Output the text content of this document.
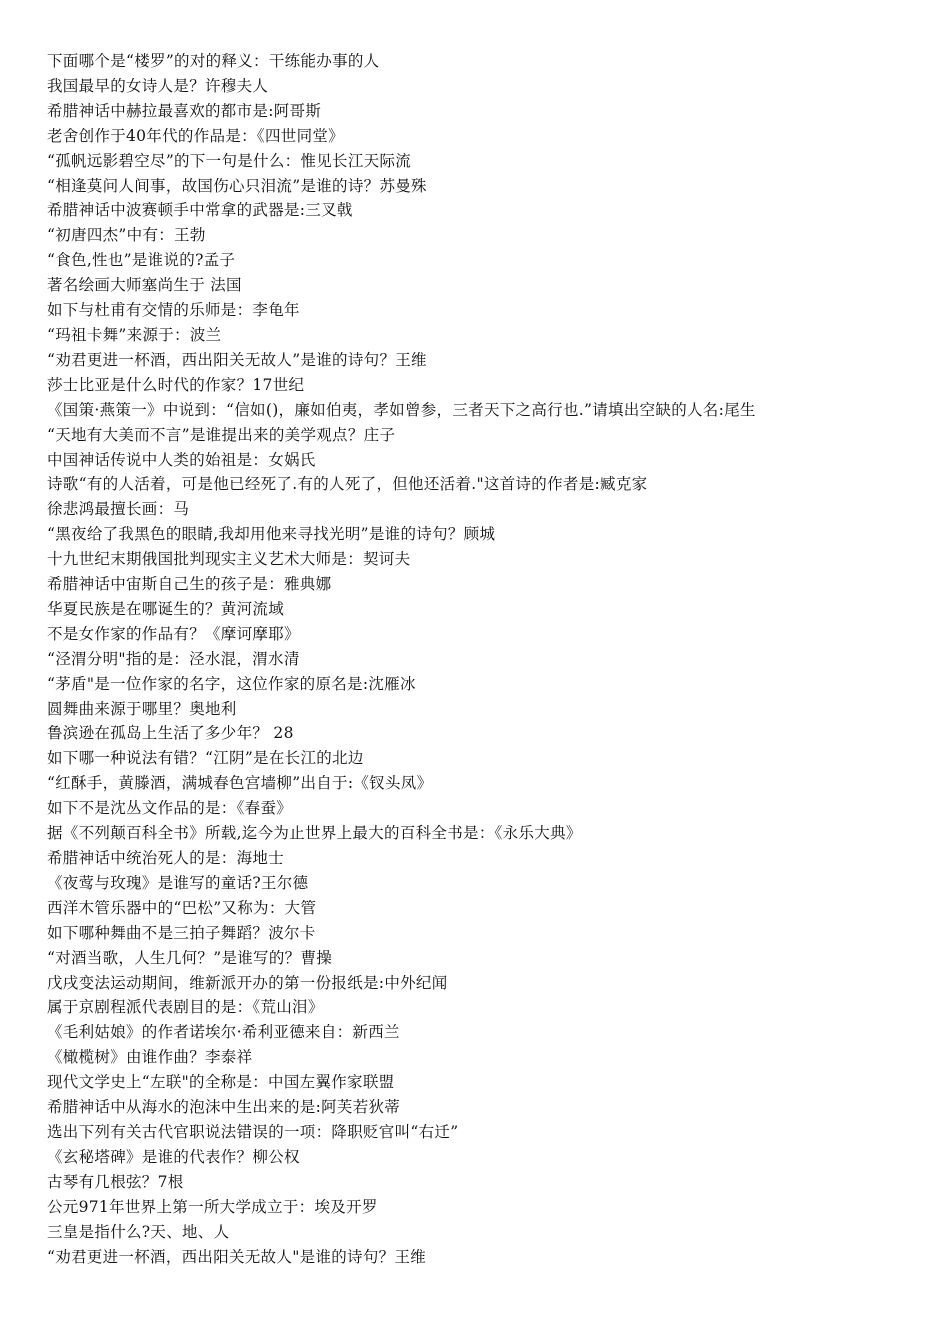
下面哪个是“楼罗”的对的释义：干练能办事的人

我国最早的女诗人是？许穆夫人

希腊神话中赫拉最喜欢的都市是:阿哥斯

老舍创作于40年代的作品是：《四世同堂》

“孤帆远影碧空尽”的下一句是什么：惟见长江天际流

“相逢莫问人间事，故国伤心只泪流”是谁的诗？苏曼殊

希腊神话中波赛顿手中常拿的武器是:三叉戟

“初唐四杰”中有：王勃

“食色,性也”是谁说的?孟子

著名绘画大师塞尚生于 法国

如下与杜甫有交情的乐师是：李龟年

“玛祖卡舞”来源于：波兰

“劝君更进一杯酒，西出阳关无故人”是谁的诗句？王维

莎士比亚是什么时代的作家？17世纪

《国策·燕策一》中说到：“信如()，廉如伯夷，孝如曾参，三者天下之高行也.”请填出空缺的人名:尾生

“天地有大美而不言”是谁提出来的美学观点？庄子

中国神话传说中人类的始祖是：女娲氏

诗歌“有的人活着，可是他已经死了.有的人死了，但他还活着."这首诗的作者是:臧克家

徐悲鸿最擅长画：马

“黑夜给了我黑色的眼睛,我却用他来寻找光明”是谁的诗句？顾城

十九世纪末期俄国批判现实主义艺术大师是：契诃夫

希腊神话中宙斯自己生的孩子是：雅典娜

华夏民族是在哪诞生的？黄河流域

不是女作家的作品有？《摩诃摩耶》

“泾渭分明"指的是：泾水混，渭水清

“茅盾"是一位作家的名字，这位作家的原名是:沈雁冰

圆舞曲来源于哪里？奥地利

鲁滨逊在孤岛上生活了多少年？ 28

如下哪一种说法有错？“江阴”是在长江的北边

“红酥手，黄滕酒，满城春色宫墙柳”出自于:《钗头凤》

如下不是沈丛文作品的是：《春蚕》

据《不列颠百科全书》所载,迄今为止世界上最大的百科全书是：《永乐大典》

希腊神话中统治死人的是：海地士

《夜莺与玫瑰》是谁写的童话?王尔德

西洋木管乐器中的“巴松”又称为：大管

如下哪种舞曲不是三拍子舞蹈？波尔卡

“对酒当歌，人生几何？”是谁写的？曹操

戊戌变法运动期间，维新派开办的第一份报纸是:中外纪闻

属于京剧程派代表剧目的是：《荒山泪》

《毛利姑娘》的作者诺埃尔·希利亚德来自：新西兰

《橄榄树》由谁作曲？李泰祥

现代文学史上“左联"的全称是：中国左翼作家联盟

希腊神话中从海水的泡沫中生出来的是:阿芙若狄蒂

选出下列有关古代官职说法错误的一项：降职贬官叫“右迁”

《玄秘塔碑》是谁的代表作？柳公权

古琴有几根弦？7根

公元971年世界上第一所大学成立于：埃及开罗

三皇是指什么?天、地、人

“劝君更进一杯酒，西出阳关无故人"是谁的诗句？王维
